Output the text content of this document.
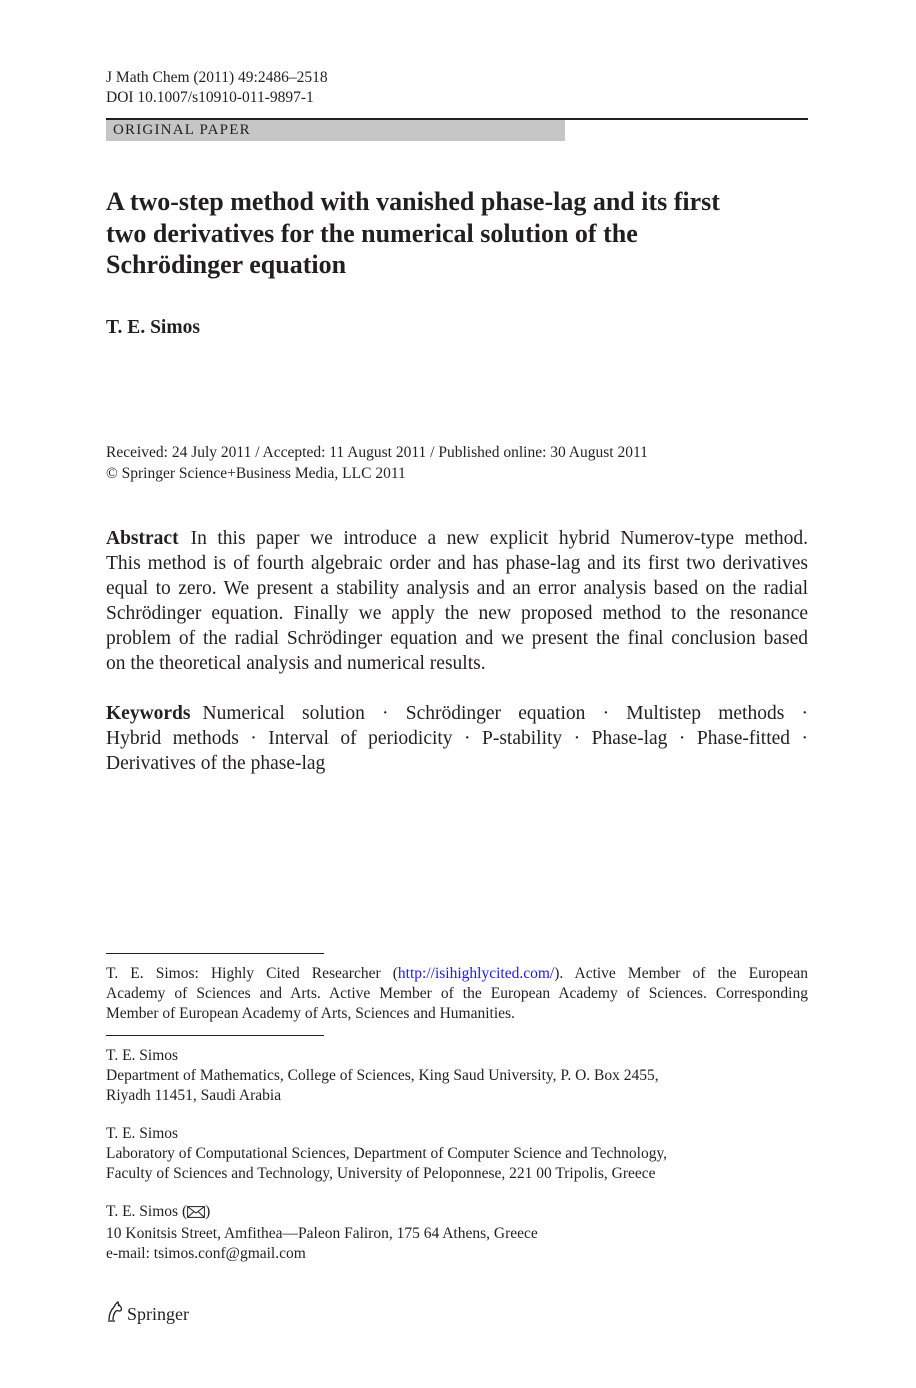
J Math Chem (2011) 49:2486–2518
DOI 10.1007/s10910-011-9897-1
ORIGINAL PAPER
A two-step method with vanished phase-lag and its first
two derivatives for the numerical solution of the
Schrödinger equation
T. E. Simos
Received: 24 July 2011 / Accepted: 11 August 2011 / Published online: 30 August 2011
© Springer Science+Business Media, LLC 2011
Abstract In this paper we introduce a new explicit hybrid Numerov-type method.
This method is of fourth algebraic order and has phase-lag and its first two derivatives
equal to zero. We present a stability analysis and an error analysis based on the radial
Schrödinger equation. Finally we apply the new proposed method to the resonance
problem of the radial Schrödinger equation and we present the final conclusion based
on the theoretical analysis and numerical results.
Keywords Numerical solution · Schrödinger equation · Multistep methods ·
Hybrid methods · Interval of periodicity · P-stability · Phase-lag · Phase-fitted ·
Derivatives of the phase-lag
T. E. Simos: Highly Cited Researcher (http://isihighlycited.com/). Active Member of the European
Academy of Sciences and Arts. Active Member of the European Academy of Sciences. Corresponding
Member of European Academy of Arts, Sciences and Humanities.
T. E. Simos
Department of Mathematics, College of Sciences, King Saud University, P. O. Box 2455,
Riyadh 11451, Saudi Arabia
T. E. Simos
Laboratory of Computational Sciences, Department of Computer Science and Technology,
Faculty of Sciences and Technology, University of Peloponnese, 221 00 Tripolis, Greece
T. E. Simos ( )
10 Konitsis Street, Amfithea—Paleon Faliron, 175 64 Athens, Greece
e-mail: tsimos.conf@gmail.com
Springer
